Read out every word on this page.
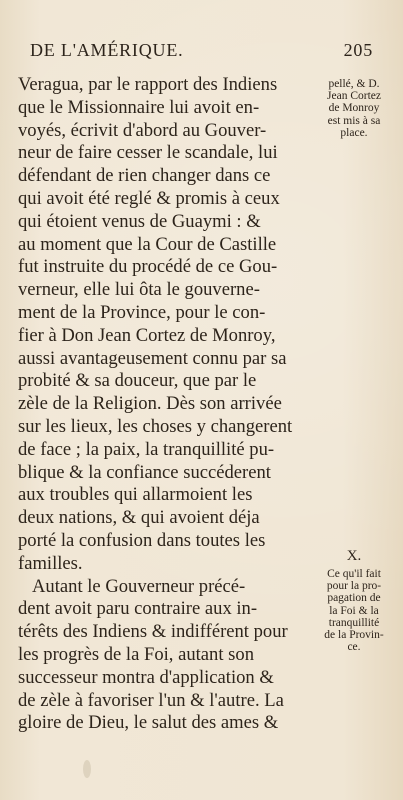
DE L'AMÉRIQUE.	205
Veragua, par le rapport des Indiens
que le Missionnaire lui avoit en-
voyés, écrivit d'abord au Gouver-
neur de faire cesser le scandale, lui
défendant de rien changer dans ce
qui avoit été reglé & promis à ceux
qui étoient venus de Guaymi : &
au moment que la Cour de Castille
fut instruite du procédé de ce Gou-
verneur, elle lui ôta le gouverne-
ment de la Province, pour le con-
fier à Don Jean Cortez de Monroy,
aussi avantageusement connu par sa
probité & sa douceur, que par le
zèle de la Religion. Dès son arrivée
sur les lieux, les choses y changerent
de face ; la paix, la tranquillité pu-
blique & la confiance succéderent
aux troubles qui allarmoient les
deux nations, & qui avoient déja
porté la confusion dans toutes les
familles.
Autant le Gouverneur précé-
dent avoit paru contraire aux in-
térêts des Indiens & indifférent pour
les progrès de la Foi, autant son
successeur montra d'application &
de zèle à favoriser l'un & l'autre. La
gloire de Dieu, le salut des ames &
pellé, & D.
Jean Cortez
de Monroy
est mis à sa
place.
X.
Ce qu'il fait
pour la pro-
pagation de
la Foi & la
tranquillité
de la Provin-
ce.
